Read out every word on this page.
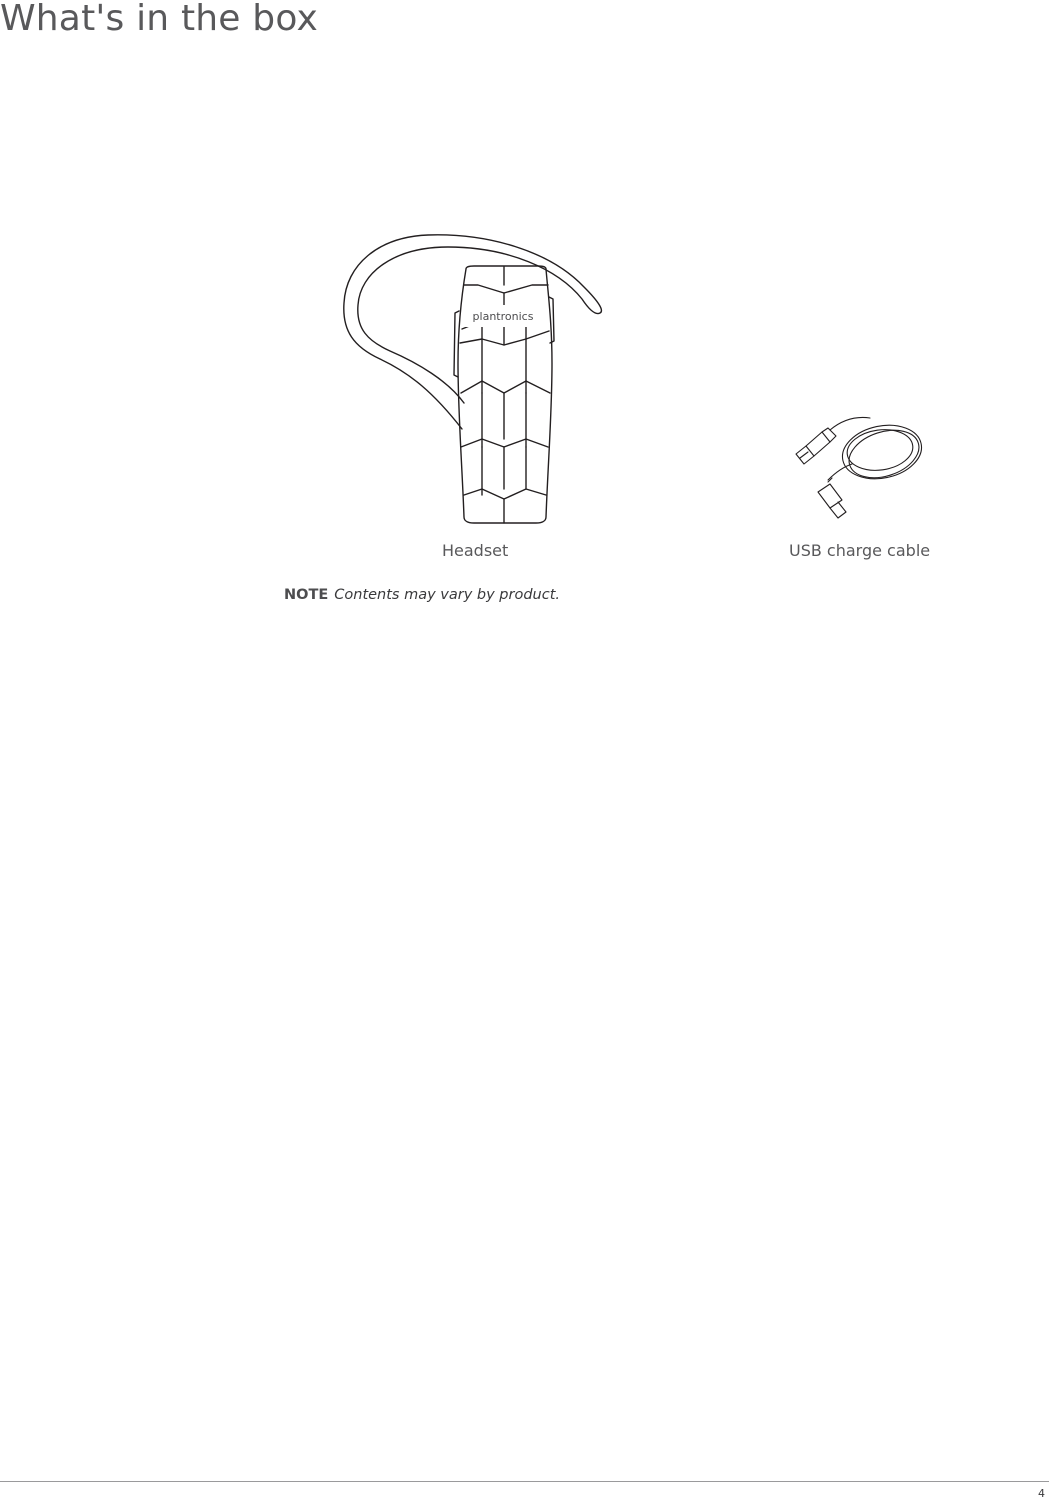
What's in the box
plantronics
Headset	USB charge cable
NOTE Contents may vary by product.
4
